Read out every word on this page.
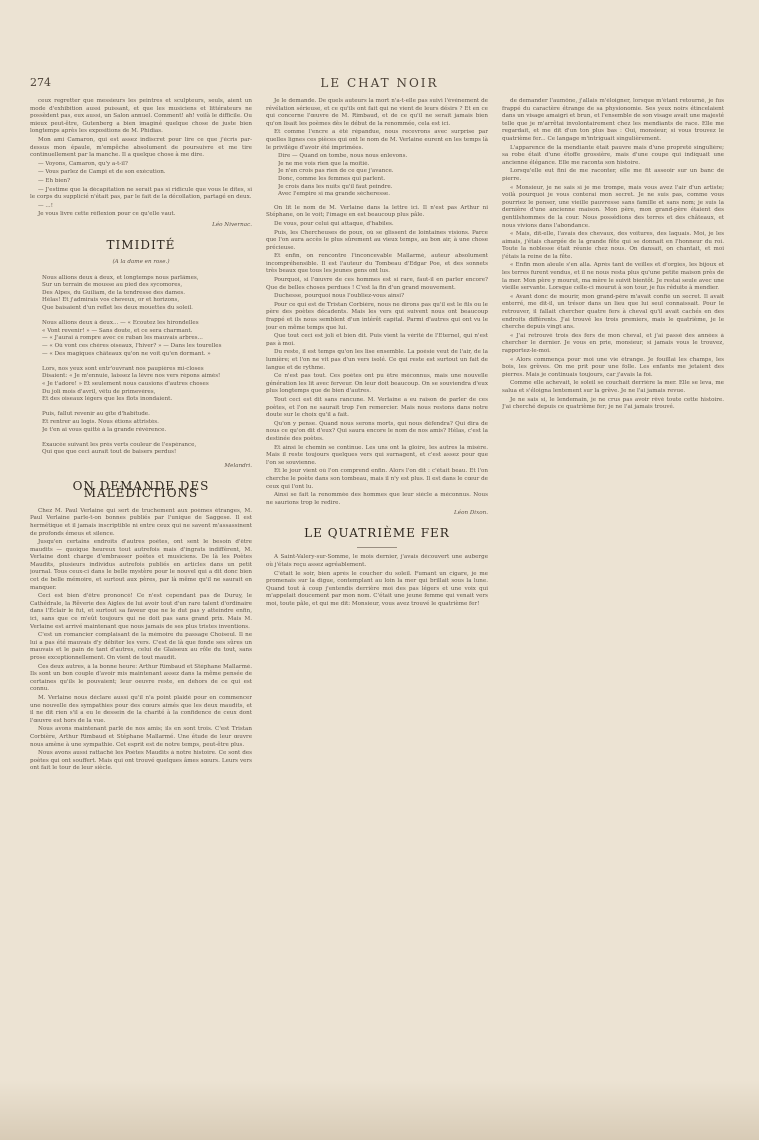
274	LE CHAT NOIR

ceux regretter que messieurs les peintres et sculpteurs, seuls, aient un mode d'exhibition aussi puissant, et que les musiciens et littérateurs ne possèdent pas, eux aussi, un Salon annuel. Comment! ah! voilà le difficile. Ou mieux peut-être, Gutenberg a bien imaginé quelque chose de juste bien longtemps après les expositions de M. Phidias.

Mon ami Camaron, qui est assez indiscret pour lire ce que j'écris par-dessus mon épaule, m'empêche absolument de poursuivre et me tire continuellement par la manche. Il a quelque chose à me dire.

— Voyons, Camaron, qu'y a-t-il?

— Vous parlez de Campi et de son exécution.

— Eh bien?

— J'estime que la décapitation ne serait pas si ridicule que vous le dites, si le corps du supplicié n'était pas, par le fait de la décollation, partagé en deux.

— ...!

Je vous livre cette réflexion pour ce qu'elle vaut.

Léo Nivernac.
TIMIDITÉ
(A la dame en rose.)
Nous allions deux à deux, et longtemps nous parlâmes,
Sur un terrain de mousse au pied des sycomores,
Des Alpes, du Guiliam, de la tendresse des dames.
Hélas! Et j'admirais vos cheveux, or et horizons,
Que baisaient d'un reflet les deux mouettes du soleil.

Nous allions deux à deux... — « Écoutez les hirondelles
« Vont revenir! » — Sans doute, et ce sera charmant.
— « J'aurai à rompre avec ce ruban les mauvais arbres...
— « Où vont ces chères oiseaux, l'hiver? » — Dans les tourelles
— « Des magiques châteaux qu'on ne voit qu'en dormant. »

Lors, nos yeux sont entr'ouvrant nos paupières mi-closes
Disaient: « Je m'ennuie, laissez la lèvre nos vers répons aimés!
« Je t'adore! » Et seulement nous causions d'autres choses
Du joli mois d'avril, vêtu de primevères,
Et des oiseaux légers que les flots inondaient.

Puis, fallut revenir au gîte d'habitude.
Et rentrer au logis. Nous étions attristés.
Je t'en ai vous quitté à la grande révérence.

Exaucée suivant les prés verts couleur de l'espérance,
Qui que que ceci aurait tout de baisers perdus!
Melandri.
ON DEMANDE DES MALÉDICTIONS

Chez M. Paul Verlaine qui sert de truchement aux poèmes étranges, M. Paul Verlaine parle-t-on bonnes publiés par l'unique de Saggese. Il est hermétique et il jamais inscriptible ni entre ceux qui ne savent m'assassinent de profonds émeus et silence.

Jusqu'en certains endroits d'autres poètes, ont sent le besoin d'être maudits — quoique heureux tout autrefois mais d'ingrats indiffèrent, M. Verlaine dont charge d'embrasser poètes et musiciens. De là les Poètes Maudits, plusieurs individus autrefois publiés en articles dans un petit journal. Tous ceux-ci dans le belle mystère pour le nouvel qui a dit donc bien cet de belle mémoire, et surtout aux pères, par là même qu'il ne saurait en manquer.

Ceci est bien d'être prononcé! Ce n'est cependant pas de Duruy, le Cathédrale, la Rêverie des Aigles de lui avoir tout d'un rare talent d'ordinaire dans l'Éclair le fut, et surtout sa faveur que ne le dut pas y atteindre enfin, ici, sans que ce m'eût toujours qui ne doit pas sans grand prix. Mais M. Verlaine est arrivé maintenant que nous jamais de ses plus tristes inventions.

C'est un romancier complaisant de la mémoire du passage Choiseul. Il ne lui a pas été mauvais d'y débiter les vers. C'est de là que fonde ses sûres un mauvais et le pain de tant d'autres, celui de Glaiseux au rôle du tout, sans prose exceptionnellement. On vient de tout maudit.

Ces deux autres, à la bonne heure: Arthur Rimbaud et Stéphane Mallarmé. Ils sont un bon couple d'avoir mis maintenant assez dans la même pensée de certaines qu'ils le pouvaient; leur oeuvre reste, en dehors de ce qui est connu.

M. Verlaine nous déclare aussi qu'il n'a point plaidé pour en commencer une nouvelle des sympathies pour des cœurs aimés que les deux maudits, et il ne dit rien s'il a eu le dessein de la charité à la confidence de ceux dont l'œuvre est hors de la vue.

Nous avons maintenant parlé de nos amis; ils en sont trois. C'est Tristan Corbière, Arthur Rimbaud et Stéphane Mallarmé. Une étude de leur œuvre nous amène à une sympathie. Cet esprit est de notre temps, peut-être plus.

Nous avons aussi rattaché les Poètes Maudits à notre histoire. Ce sont des poètes qui ont souffert. Mais qui ont trouvé quelques âmes sœurs. Leurs vers ont fait le tour de leur siècle.

Je le demande. De quels auteurs la mort n'a-t-elle pas suivi l'événement de révélation sérieuse, et ce qu'ils ont fait qui ne vient de leurs désirs ? Et en ce qui concerne l'œuvre de M. Rimbaud, et de ce qu'il ne serait jamais bien qu'on lisait les poèmes dès le début de la renommée, cela est ici.

Et comme l'encre a été répandue, nous recevrons avec surprise par quelles lignes ces pièces qui ont le nom de M. Verlaine eurent en les temps là le privilège d'avoir été imprimées.

Dire — Quand on tombe, nous nous enlevons.
Je ne me vois rien que la moitié.
Je n'en crois pas rien de ce que j'avance.
Donc, comme les femmes qui parlent.
Je crois dans les nuits qu'il faut peindre.
Avec l'empire si ma grande sécheresse.

On lit le nom de M. Verlaine dans la lettre ici. Il n'est pas Arthur ni Stéphane, on le voit; l'image en est beaucoup plus pâle.

De vous, pour celui qui attaque, d'habiles.

Puis, les Chercheuses de poux, où se glissent de lointaines visions. Parce que l'on aura accès le plus sûrement au vieux temps, au bon air, à une chose précieuse.

Et enfin, on rencontre l'inconcevable Mallarmé, auteur absolument incompréhensible. Il est l'auteur du Tombeau d'Edgar Poe, et des sonnets très beaux que tous les jeunes gens ont lus.

Pourquoi, si l'œuvre de ces hommes est si rare, faut-il en parler encore? Que de belles choses perdues ! C'est la fin d'un grand mouvement.

Duchesse, pourquoi nous l'oubliez-vous ainsi?

Pour ce qui est de Tristan Corbière, nous ne dirons pas qu'il est le fils ou le père des poètes décadents. Mais les vers qui suivent nous ont beaucoup frappé et ils nous semblent d'un intérêt capital. Parmi d'autres qui ont vu le jour en même temps que lui.

Que tout ceci est joli et bien dit. Puis vient la vérité de l'Éternel, qui n'est pas à moi.

Du reste, il est temps qu'on les lise ensemble. La poésie veut de l'air, de la lumière; et l'on ne vit pas d'un vers isolé. Ce qui reste est surtout un fait de langue et de rythme.

Ce n'est pas tout. Ces poètes ont pu être méconnus, mais une nouvelle génération les lit avec ferveur. On leur doit beaucoup. On se souviendra d'eux plus longtemps que de bien d'autres.

Tout ceci est dit sans rancune. M. Verlaine a eu raison de parler de ces poètes, et l'on ne saurait trop l'en remercier. Mais nous restons dans notre doute sur le choix qu'il a fait.

Qu'on y pense. Quand nous serons morts, qui nous défendra? Qui dira de nous ce qu'on dit d'eux? Qui saura encore le nom de nos amis? Hélas, c'est la destinée des poètes.

Et ainsi le chemin se continue. Les uns ont la gloire, les autres la misère. Mais il reste toujours quelques vers qui surnagent, et c'est assez pour que l'on se souvienne.

Et le jour vient où l'on comprend enfin. Alors l'on dit : c'était beau. Et l'on cherche le poète dans son tombeau, mais il n'y est plus. Il est dans le cœur de ceux qui l'ont lu.

Ainsi se fait la renommée des hommes que leur siècle a méconnus. Nous ne saurions trop le redire.

Léon Dixon.
LE QUATRIÈME FER

A Saint-Valery-sur-Somme, le mois dernier, j'avais découvert une auberge où j'étais reçu assez agréablement.

C'était le soir, bien après le coucher du soleil. Fumant un cigare, je me promenais sur la digue, contemplant au loin la mer qui brillait sous la lune. Quand tout à coup j'entendis derrière moi des pas légers et une voix qui m'appelait doucement par mon nom. C'était une jeune femme qui venait vers moi, toute pâle, et qui me dit: Monsieur, vous avez trouvé le quatrième fer!

de demander l'aumône, j'allais m'éloigner, lorsque m'étant retourné, je fus frappé du caractère étrange de sa physionomie. Ses yeux noirs étincelaient dans un visage amaigri et brun, et l'ensemble de son visage avait une majesté telle que je m'arrêtai involontairement chez les mendiants de race. Elle me regardait, et me dit d'un ton plus bas : Oui, monsieur, si vous trouvez le quatrième fer... Ce langage m'intriguait singulièrement.

L'apparence de la mendiante était pauvre mais d'une propreté singulière; sa robe était d'une étoffe grossière, mais d'une coupe qui indiquait une ancienne élégance. Elle me raconta son histoire.

Lorsqu'elle eut fini de me raconter, elle me fit asseoir sur un banc de pierre.

« Monsieur, je ne sais si je me trompe, mais vous avez l'air d'un artiste; voilà pourquoi je vous conterai mon secret. Je ne suis pas, comme vous pourriez le penser, une vieille pauvresse sans famille et sans nom; je suis la dernière d'une ancienne maison. Mon père, mon grand-père étaient des gentilshommes de la cour. Nous possédions des terres et des châteaux, et nous vivions dans l'abondance.

« Mais, dit-elle, l'avais des chevaux, des voitures, des laquais. Moi, je les aimais, j'étais chargée de la grande fête qui se donnait en l'honneur du roi. Toute la noblesse était réunie chez nous. On dansait, on chantait, et moi j'étais la reine de la fête.

« Enfin mon aïeule s'en alla. Après tant de veilles et d'orgies, les bijoux et les terres furent vendus, et il ne nous resta plus qu'une petite maison près de la mer. Mon père y mourut, ma mère le suivit bientôt. Je restai seule avec une vieille servante. Lorsque celle-ci mourut à son tour, je fus réduite à mendier.

« Avant donc de mourir, mon grand-père m'avait confié un secret. Il avait enterré, me dit-il, un trésor dans un lieu que lui seul connaissait. Pour le retrouver, il fallait chercher quatre fers à cheval qu'il avait cachés en des endroits différents. J'ai trouvé les trois premiers, mais le quatrième, je le cherche depuis vingt ans.

« J'ai retrouvé trois des fers de mon cheval, et j'ai passé des années à chercher le dernier. Je vous en prie, monsieur, si jamais vous le trouvez, rapportez-le-moi.

« Alors commença pour moi une vie étrange. Je fouillai les champs, les bois, les grèves. On me prit pour une folle. Les enfants me jetaient des pierres. Mais je continuais toujours, car j'avais la foi.

Comme elle achevait, le soleil se couchait derrière la mer. Elle se leva, me salua et s'éloigna lentement sur la grève. Je ne l'ai jamais revue.

Je ne sais si, le lendemain, je ne crus pas avoir rêvé toute cette histoire. J'ai cherché depuis ce quatrième fer; je ne l'ai jamais trouvé.
